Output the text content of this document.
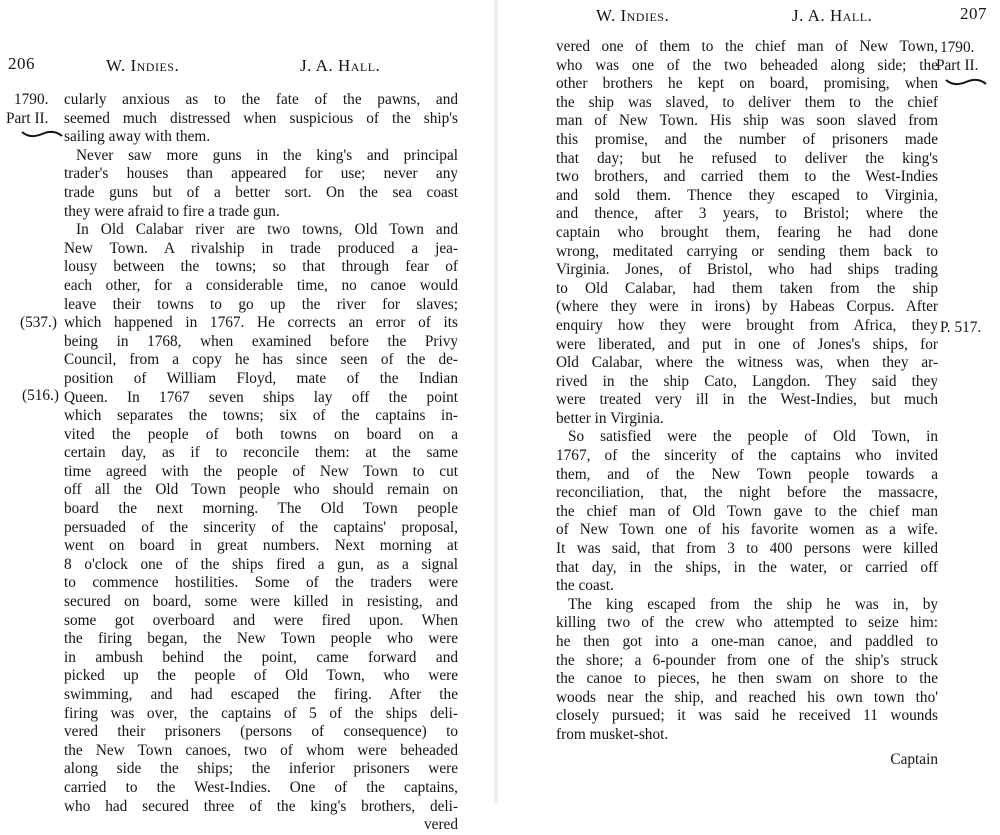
206	W. Indies.	J. A. Hall.
1790.
Part II.
(537.)
(516.)
cularly anxious as to the fate of the pawns, and
seemed much distressed when suspicious of the ship's
sailing away with them.
Never saw more guns in the king's and principal
trader's houses than appeared for use; never any
trade guns but of a better sort. On the sea coast
they were afraid to fire a trade gun.
In Old Calabar river are two towns, Old Town and
New Town. A rivalship in trade produced a jea-
lousy between the towns; so that through fear of
each other, for a considerable time, no canoe would
leave their towns to go up the river for slaves;
which happened in 1767. He corrects an error of its
being in 1768, when examined before the Privy
Council, from a copy he has since seen of the de-
position of William Floyd, mate of the Indian
Queen. In 1767 seven ships lay off the point
which separates the towns; six of the captains in-
vited the people of both towns on board on a
certain day, as if to reconcile them: at the same
time agreed with the people of New Town to cut
off all the Old Town people who should remain on
board the next morning. The Old Town people
persuaded of the sincerity of the captains' proposal,
went on board in great numbers. Next morning at
8 o'clock one of the ships fired a gun, as a signal
to commence hostilities. Some of the traders were
secured on board, some were killed in resisting, and
some got overboard and were fired upon. When
the firing began, the New Town people who were
in ambush behind the point, came forward and
picked up the people of Old Town, who were
swimming, and had escaped the firing. After the
firing was over, the captains of 5 of the ships deli-
vered their prisoners (persons of consequence) to
the New Town canoes, two of whom were beheaded
along side the ships; the inferior prisoners were
carried to the West-Indies. One of the captains,
who had secured three of the king's brothers, deli-
vered
W. Indies.	J. A. Hall.	207
1790.
Part II.
P. 517.
vered one of them to the chief man of New Town,
who was one of the two beheaded along side; the
other brothers he kept on board, promising, when
the ship was slaved, to deliver them to the chief
man of New Town. His ship was soon slaved from
this promise, and the number of prisoners made
that day; but he refused to deliver the king's
two brothers, and carried them to the West-Indies
and sold them. Thence they escaped to Virginia,
and thence, after 3 years, to Bristol; where the
captain who brought them, fearing he had done
wrong, meditated carrying or sending them back to
Virginia. Jones, of Bristol, who had ships trading
to Old Calabar, had them taken from the ship
(where they were in irons) by Habeas Corpus. After
enquiry how they were brought from Africa, they
were liberated, and put in one of Jones's ships, for
Old Calabar, where the witness was, when they ar-
rived in the ship Cato, Langdon. They said they
were treated very ill in the West-Indies, but much
better in Virginia.
So satisfied were the people of Old Town, in
1767, of the sincerity of the captains who invited
them, and of the New Town people towards a
reconciliation, that, the night before the massacre,
the chief man of Old Town gave to the chief man
of New Town one of his favorite women as a wife.
It was said, that from 3 to 400 persons were killed
that day, in the ships, in the water, or carried off
the coast.
The king escaped from the ship he was in, by
killing two of the crew who attempted to seize him:
he then got into a one-man canoe, and paddled to
the shore; a 6-pounder from one of the ship's struck
the canoe to pieces, he then swam on shore to the
woods near the ship, and reached his own town tho'
closely pursued; it was said he received 11 wounds
from musket-shot.
Captain
